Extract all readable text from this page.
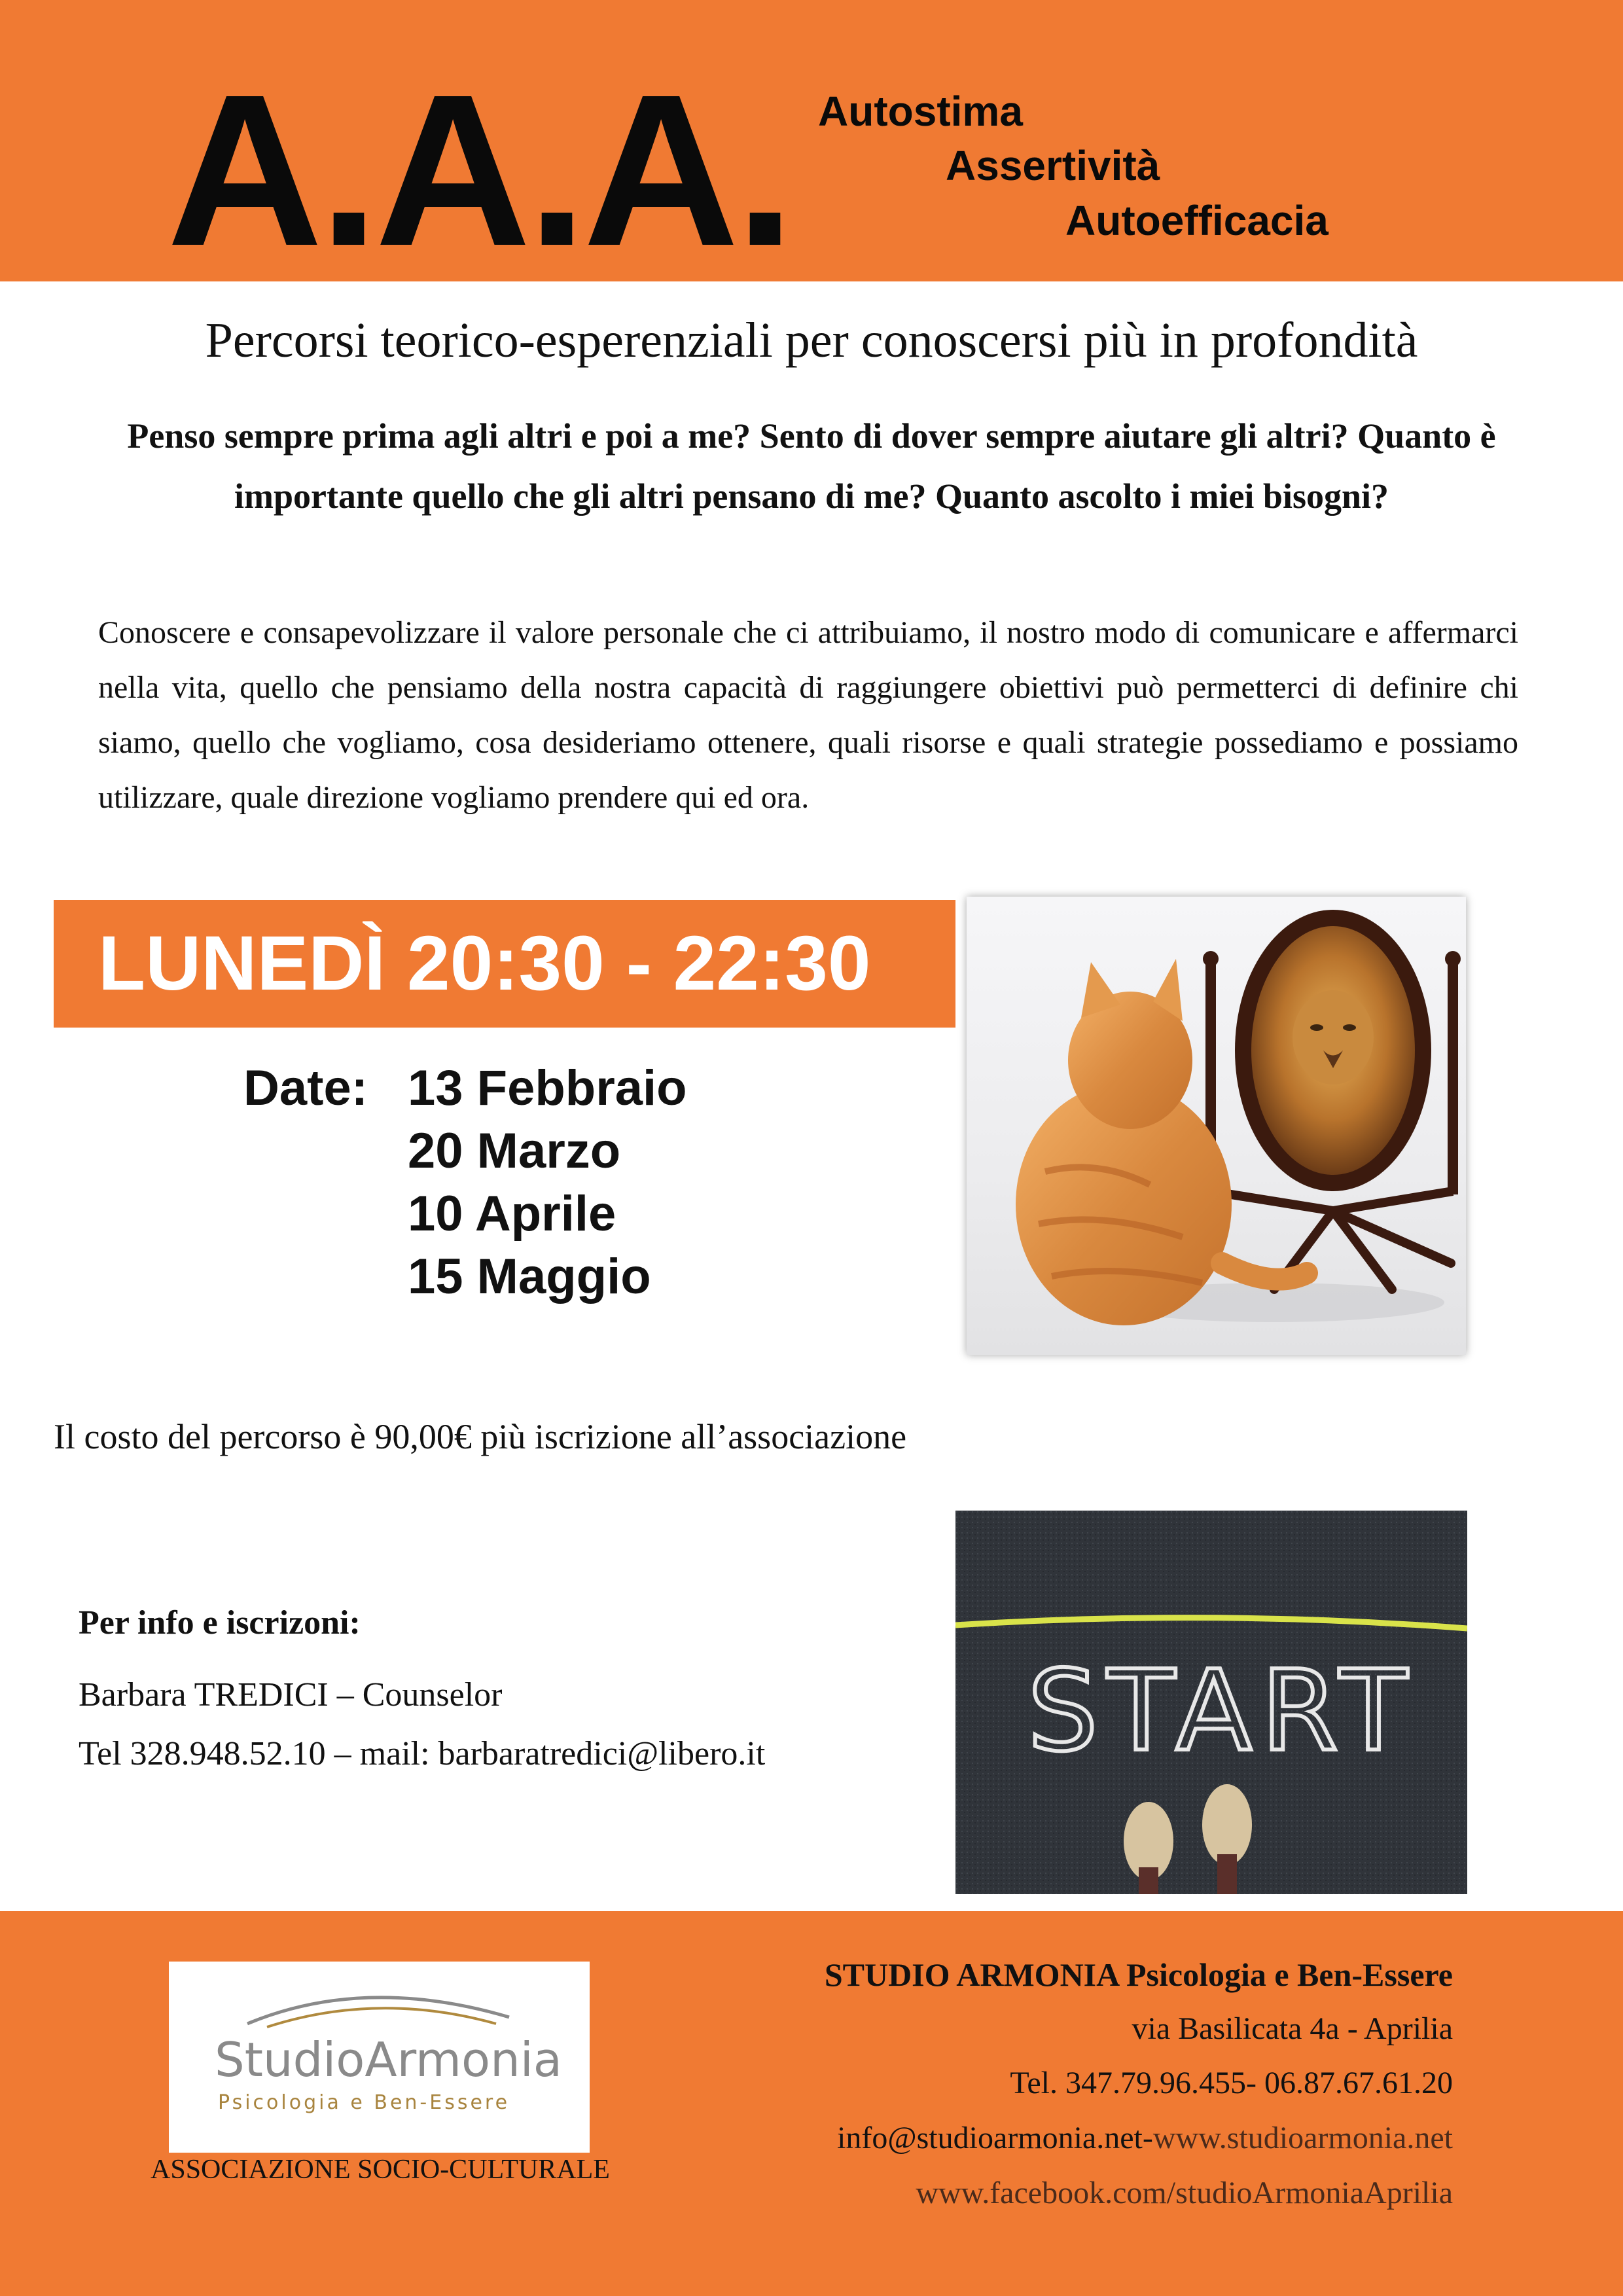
A.A.A. Autostima
Assertività
Autoefficacia
Percorsi teorico-esperenziali per conoscersi più in profondità
Penso sempre prima agli altri e poi a me? Sento di dover sempre aiutare gli altri? Quanto è importante quello che gli altri pensano di me? Quanto ascolto i miei bisogni?
Conoscere e consapevolizzare il valore personale che ci attribuiamo, il nostro modo di comunicare e affermarci nella vita, quello che pensiamo della nostra capacità di raggiungere obiettivi può permetterci di definire chi siamo, quello che vogliamo, cosa desideriamo ottenere, quali risorse e quali strategie possediamo e possiamo utilizzare, quale direzione vogliamo prendere qui ed ora.
LUNEDÌ 20:30 - 22:30
Date: 13 Febbraio
20 Marzo
10 Aprile
15 Maggio
Il costo del percorso è 90,00€ più iscrizione all’associazione
Per info e iscrizoni:
Barbara TREDICI – Counselor
Tel 328.948.52.10 – mail: barbaratredici@libero.it START
StudioArmonia
Psicologia e Ben-Essere
ASSOCIAZIONE SOCIO-CULTURALE
STUDIO ARMONIA Psicologia e Ben-Essere
via Basilicata 4a - Aprilia
Tel. 347.79.96.455- 06.87.67.61.20
info@studioarmonia.net-www.studioarmonia.net
www.facebook.com/studioArmoniaAprilia
